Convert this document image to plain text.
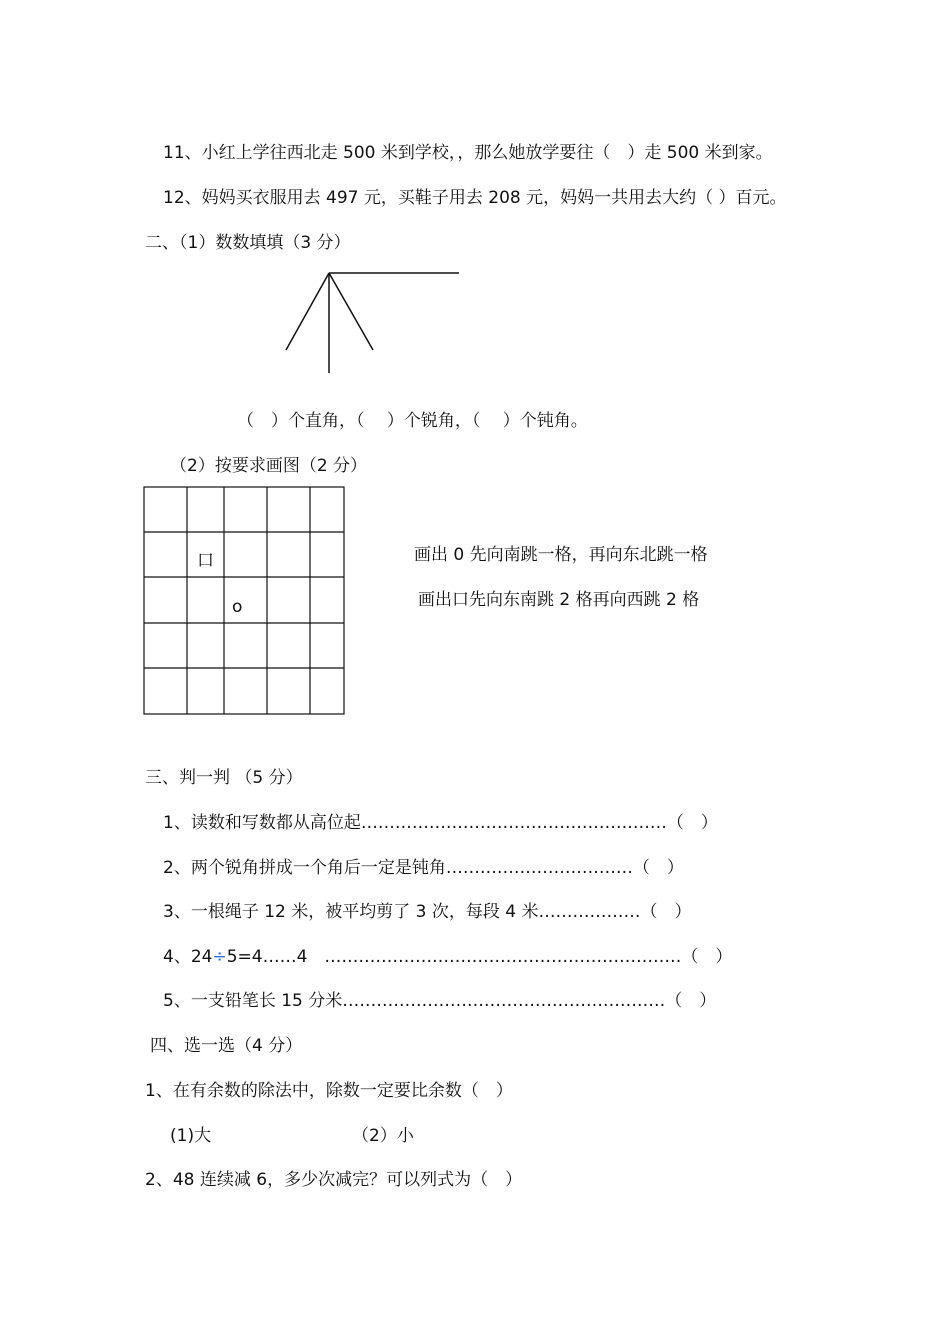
11、小红上学往西北走 500 米到学校，，那么她放学要往（　）走 500 米到家。
12、妈妈买衣服用去 497 元，买鞋子用去 208 元，妈妈一共用去大约（ ）百元。
二、（1）数数填填（3 分）
（　）个直角，（　 ）个锐角，（　 ）个钝角。
（2）按要求画图（2 分）
口
o
画出 0 先向南跳一格，再向东北跳一格
画出口先向东南跳 2 格再向西跳 2 格
三、判一判 （5 分）
1、读数和写数都从高位起………………………………………………（　）
2、两个锐角拼成一个角后一定是钝角……………………………（　）
3、一根绳子 12 米，被平均剪了 3 次，每段 4 米………………（　）
4、24÷5=4……4　………………………………………………………（　）
5、一支铅笔长 15 分米…………………………………………………（　）
四、选一选（4 分）
1、在有余数的除法中，除数一定要比余数（　）
(1)大	（2）小
2、48 连续减 6，多少次减完？可以列式为（　）
